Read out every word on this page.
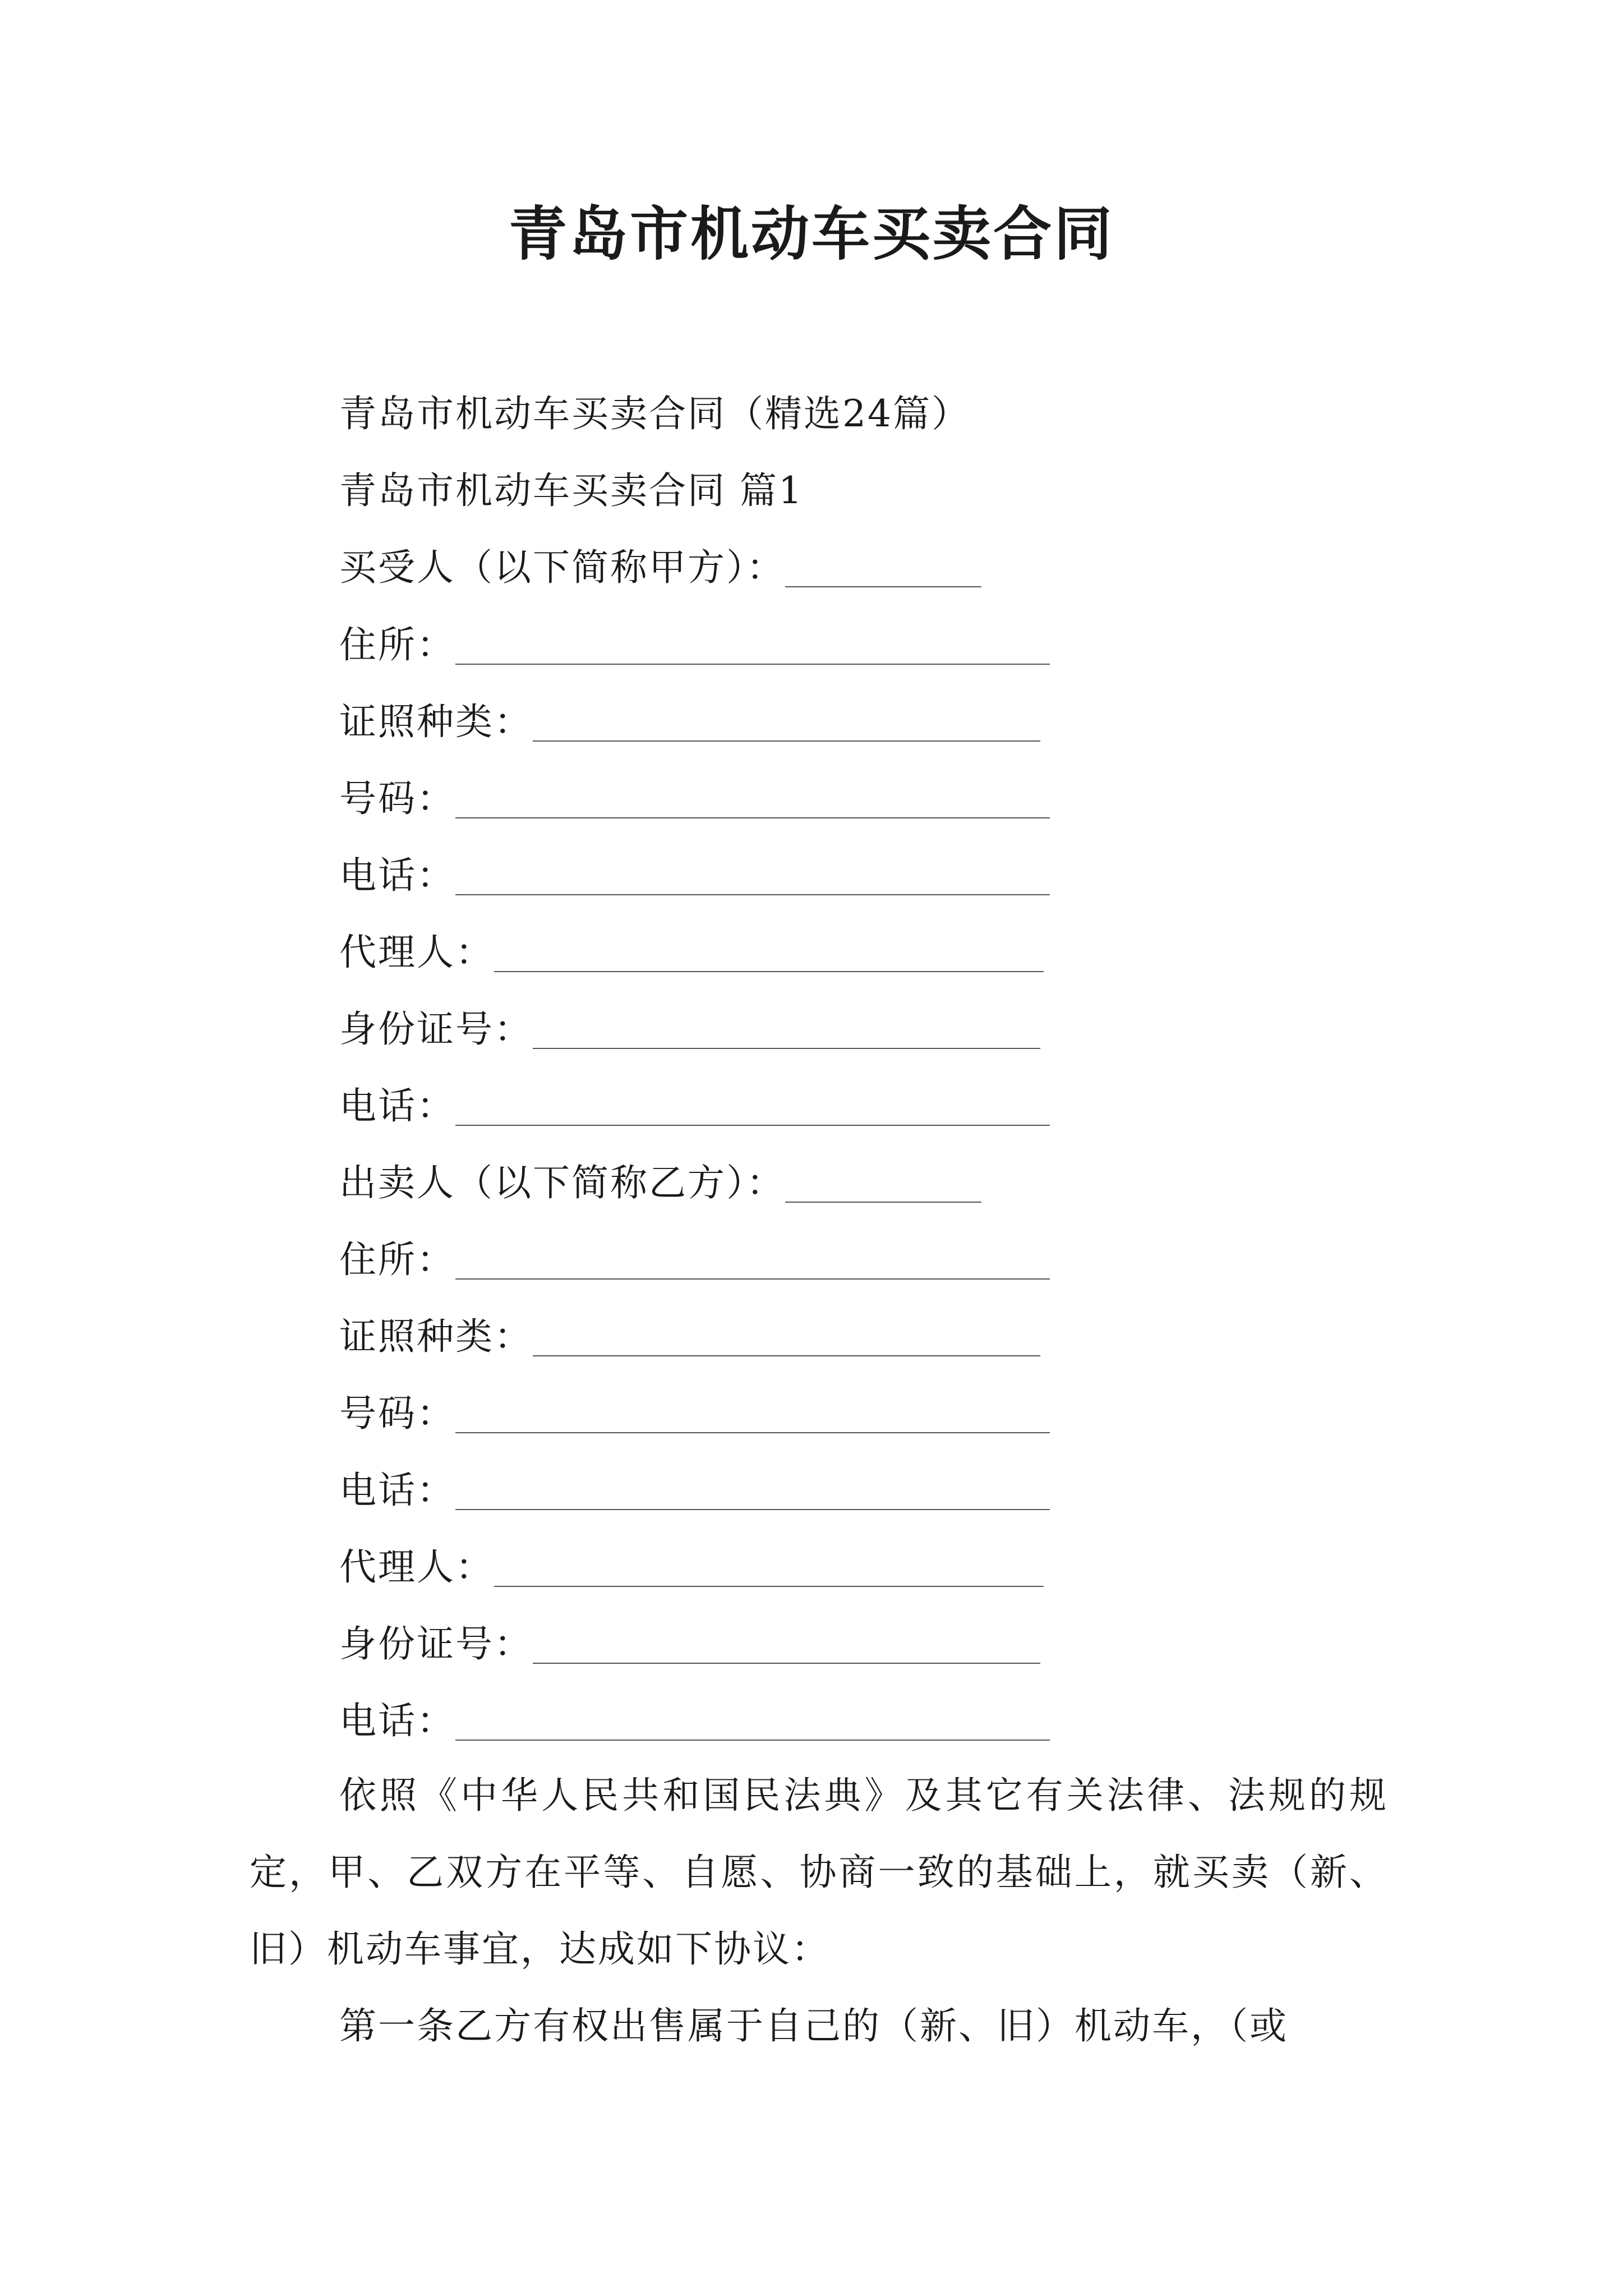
青岛市机动车买卖合同
青岛市机动车买卖合同（精选24篇）
青岛市机动车买卖合同 篇1
买受人（以下简称甲方）：
住所：
证照种类：
号码：
电话：
代理人：
身份证号：
电话：
出卖人（以下简称乙方）：
住所：
证照种类：
号码：
电话：
代理人：
身份证号：
电话：
依照《中华人民共和国民法典》及其它有关法律、法规的规定，甲、乙双方在平等、自愿、协商一致的基础上，就买卖（新、旧）机动车事宜，达成如下协议：
第一条乙方有权出售属于自己的（新、旧）机动车，（或
